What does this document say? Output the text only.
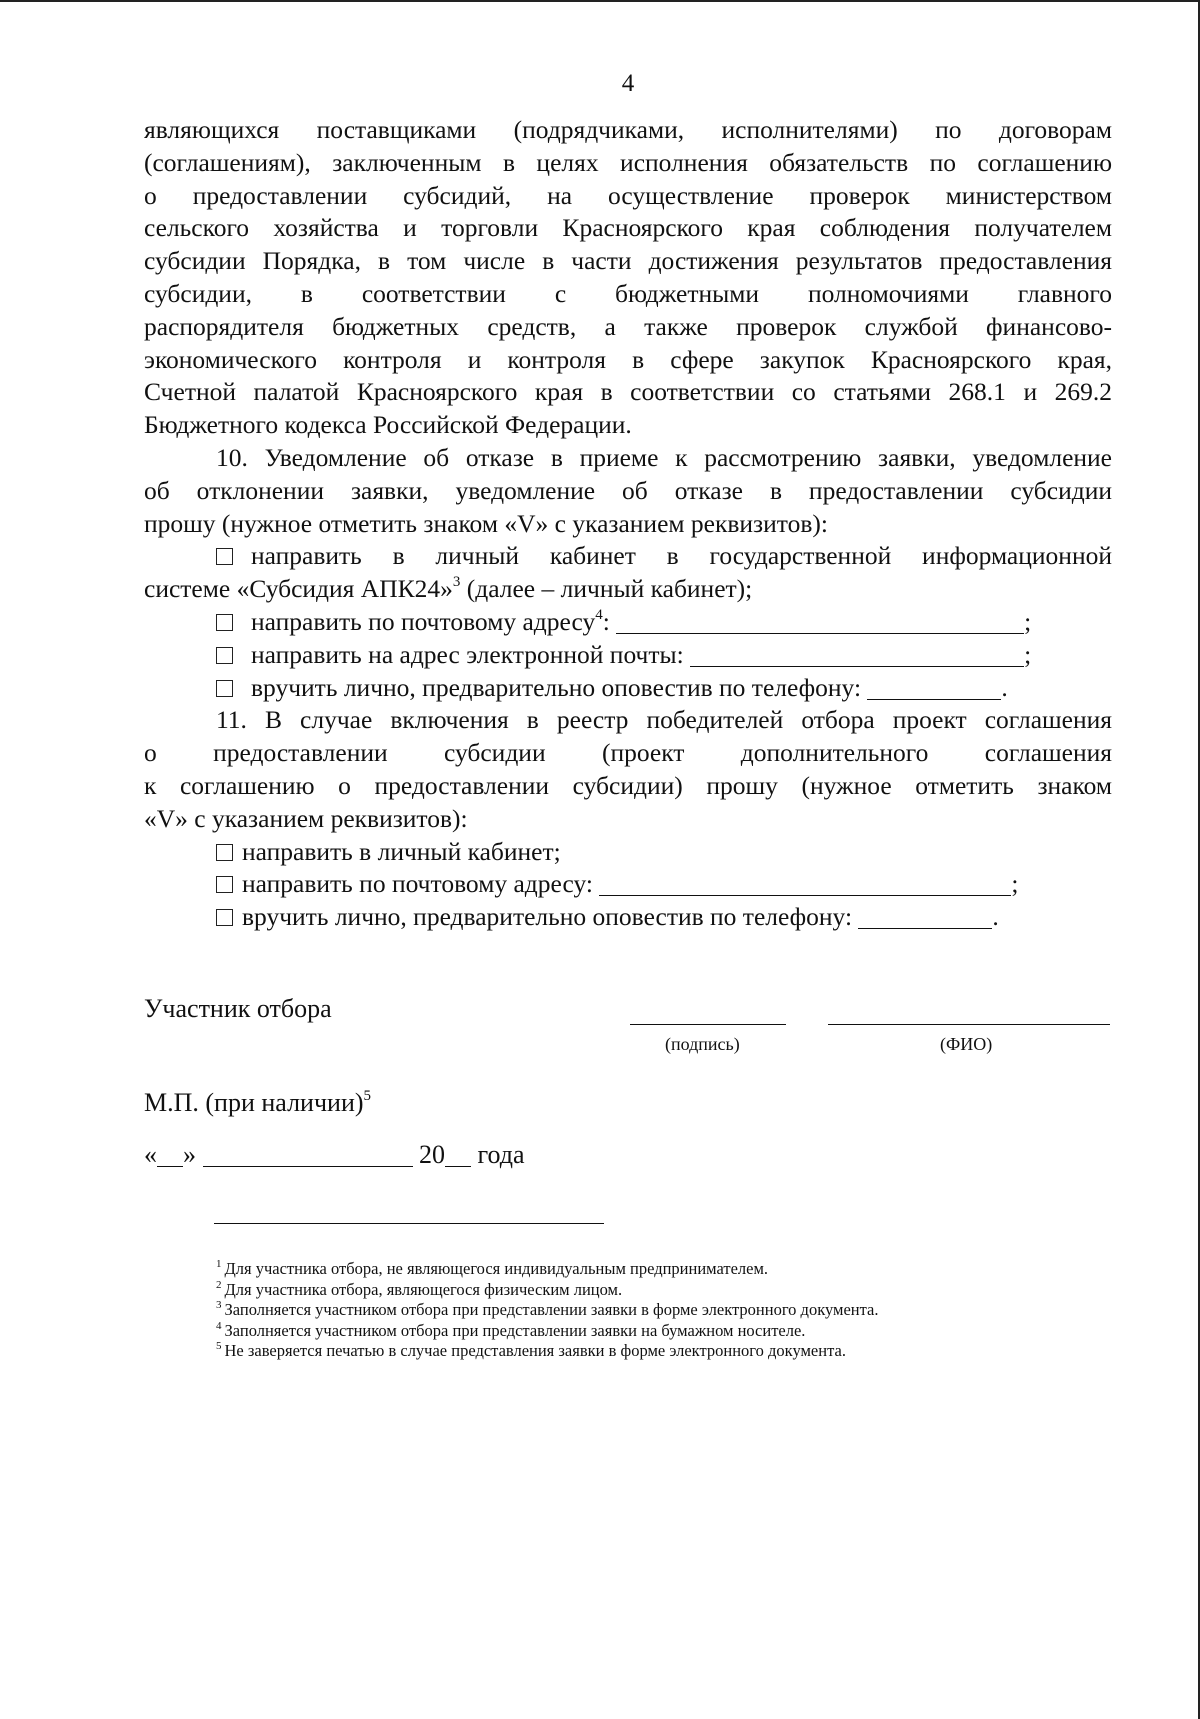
4

являющихся поставщиками (подрядчиками, исполнителями) по договорам

(соглашениям), заключенным в целях исполнения обязательств по соглашению

о предоставлении субсидий, на осуществление проверок министерством

сельского хозяйства и торговли Красноярского края соблюдения получателем

субсидии Порядка, в том числе в части достижения результатов предоставления

субсидии, в соответствии с бюджетными полномочиями главного

распорядителя бюджетных средств, а также проверок службой финансово-

экономического контроля и контроля в сфере закупок Красноярского края,

Счетной палатой Красноярского края в соответствии со статьями 268.1 и 269.2

Бюджетного кодекса Российской Федерации.

10. Уведомление об отказе в приеме к рассмотрению заявки, уведомление

об отклонении заявки, уведомление об отказе в предоставлении субсидии

прошу (нужное отметить знаком «V» с указанием реквизитов):

направить в личный кабинет в государственной информационной

системе «Субсидия АПК24»$^3$ (далее – личный кабинет);

направить по почтовому адресу$^4$:	;

направить на адрес электронной почты:	;

вручить лично, предварительно оповестив по телефону:	.

11. В случае включения в реестр победителей отбора проект соглашения

о предоставлении субсидии (проект дополнительного соглашения

к соглашению о предоставлении субсидии) прошу (нужное отметить знаком

«V» с указанием реквизитов):

направить в личный кабинет;

направить по почтовому адресу:	;

вручить лично, предварительно оповестив по телефону:	.

Участник отбора
(подпись)	(ФИО)
М.П. (при наличии)$^5$
« »	20 года

$^1$ Для участника отбора, не являющегося индивидуальным предпринимателем.

$^2$ Для участника отбора, являющегося физическим лицом.

$^3$ Заполняется участником отбора при представлении заявки в форме электронного документа.

$^4$ Заполняется участником отбора при представлении заявки на бумажном носителе.

$^5$ Не заверяется печатью в случае представления заявки в форме электронного документа.
